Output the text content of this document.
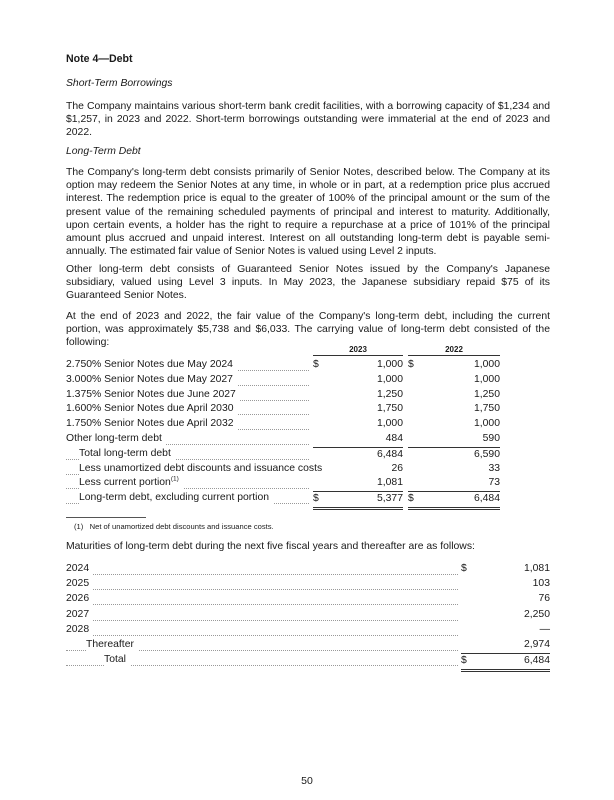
Note 4—Debt
Short-Term Borrowings
The Company maintains various short-term bank credit facilities, with a borrowing capacity of $1,234 and $1,257, in 2023 and 2022. Short-term borrowings outstanding were immaterial at the end of 2023 and 2022.
Long-Term Debt
The Company's long-term debt consists primarily of Senior Notes, described below. The Company at its option may redeem the Senior Notes at any time, in whole or in part, at a redemption price plus accrued interest. The redemption price is equal to the greater of 100% of the principal amount or the sum of the present value of the remaining scheduled payments of principal and interest to maturity. Additionally, upon certain events, a holder has the right to require a repurchase at a price of 101% of the principal amount plus accrued and unpaid interest. Interest on all outstanding long-term debt is payable semi-annually. The estimated fair value of Senior Notes is valued using Level 2 inputs.
Other long-term debt consists of Guaranteed Senior Notes issued by the Company's Japanese subsidiary, valued using Level 3 inputs. In May 2023, the Japanese subsidiary repaid $75 of its Guaranteed Senior Notes.
At the end of 2023 and 2022, the fair value of the Company's long-term debt, including the current portion, was approximately $5,738 and $6,033. The carrying value of long-term debt consisted of the following:
2023	2022
2.750% Senior Notes due May 2024	$	1,000 $	1,000
3.000% Senior Notes due May 2027	1,000	1,000
1.375% Senior Notes due June 2027	1,250	1,250
1.600% Senior Notes due April 2030	1,750	1,750
1.750% Senior Notes due April 2032	1,000	1,000
Other long-term debt	484	590
Total long-term debt	6,484	6,590
Less unamortized debt discounts and issuance costs	26	33
Less current portion$^{(1)}$	1,081	73
Long-term debt, excluding current portion	$	5,377 $	6,484
(1) Net of unamortized debt discounts and issuance costs.
Maturities of long-term debt during the next five fiscal years and thereafter are as follows:
2024	$	1,081
2025	103
2026	76
2027	2,250
2028	—
Thereafter	2,974
Total	$	6,484
50
